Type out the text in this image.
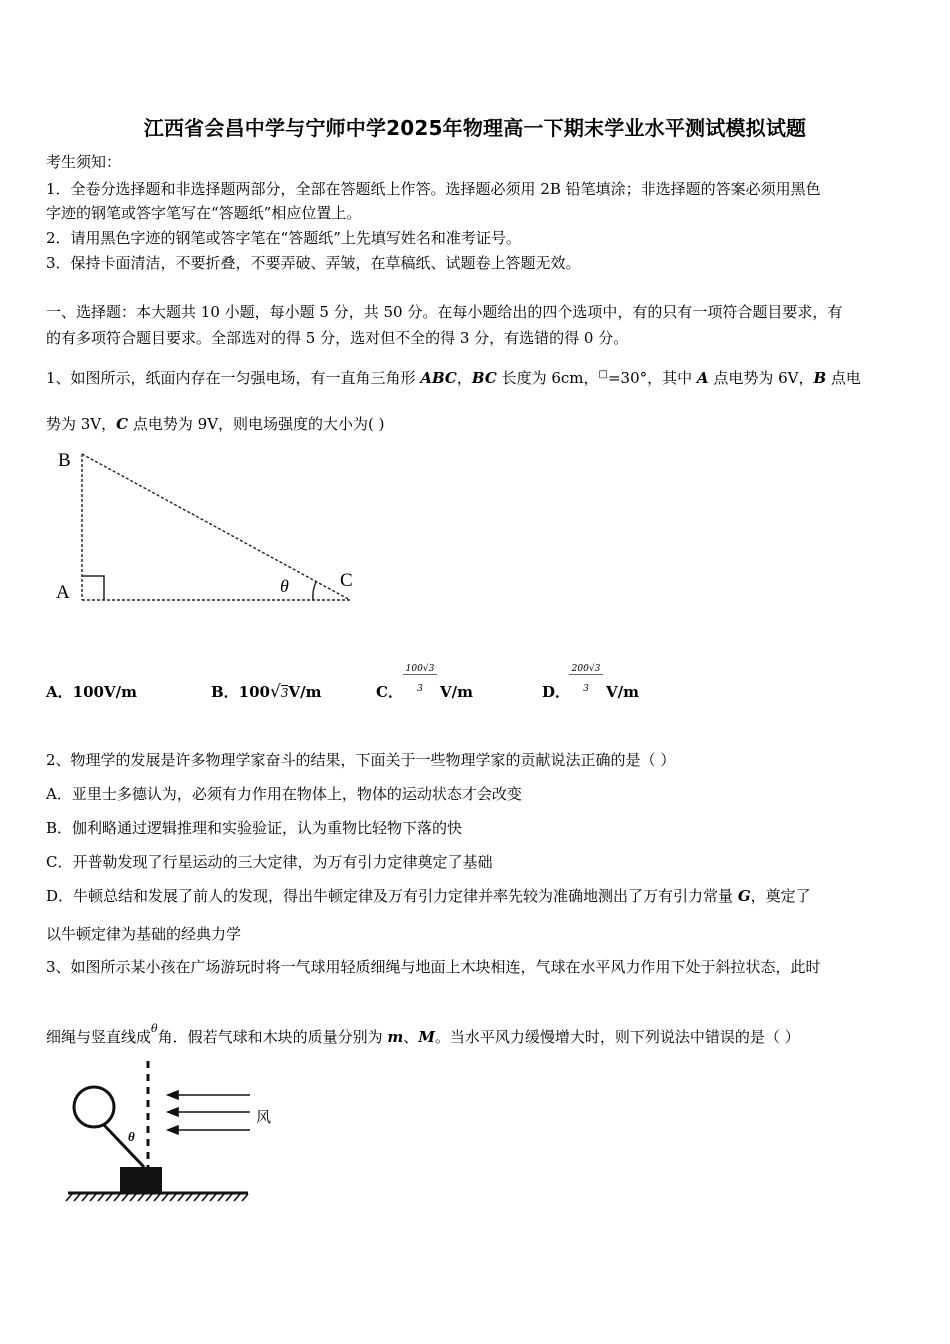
江西省会昌中学与宁师中学2025年物理高一下期末学业水平测试模拟试题
考生须知：
1．全卷分选择题和非选择题两部分，全部在答题纸上作答。选择题必须用 2B 铅笔填涂；非选择题的答案必须用黑色
字迹的钢笔或答字笔写在“答题纸”相应位置上。
2．请用黑色字迹的钢笔或答字笔在“答题纸”上先填写姓名和准考证号。
3．保持卡面清洁，不要折叠，不要弄破、弄皱，在草稿纸、试题卷上答题无效。
一、选择题：本大题共 10 小题，每小题 5 分，共 50 分。在每小题给出的四个选项中，有的只有一项符合题目要求，有
的有多项符合题目要求。全部选对的得 5 分，选对但不全的得 3 分，有选错的得 0 分。
1、如图所示，纸面内存在一匀强电场，有一直角三角形 ABC，BC 长度为 6cm，□=30°，其中 A 点电势为 6V，B 点电
势为 3V，C 点电势为 9V，则电场强度的大小为( )
B
A
C
θ
A．100V/m	B．100√3V/m	C．
100√3
3	V/m	D．
200√3
3	V/m
2、物理学的发展是许多物理学家奋斗的结果，下面关于一些物理学家的贡献说法正确的是（ ）
A．亚里士多德认为，必须有力作用在物体上，物体的运动状态才会改变
B．伽利略通过逻辑推理和实验验证，认为重物比轻物下落的快
C．开普勒发现了行星运动的三大定律，为万有引力定律奠定了基础
D．牛顿总结和发展了前人的发现，得出牛顿定律及万有引力定律并率先较为准确地测出了万有引力常量 G，奠定了
以牛顿定律为基础的经典力学
3、如图所示某小孩在广场游玩时将一气球用轻质细绳与地面上木块相连，气球在水平风力作用下处于斜拉状态，此时
细绳与竖直线成$^\theta$角．假若气球和木块的质量分别为 m、M。当水平风力缓慢增大时，则下列说法中错误的是（ ）
风
θ
